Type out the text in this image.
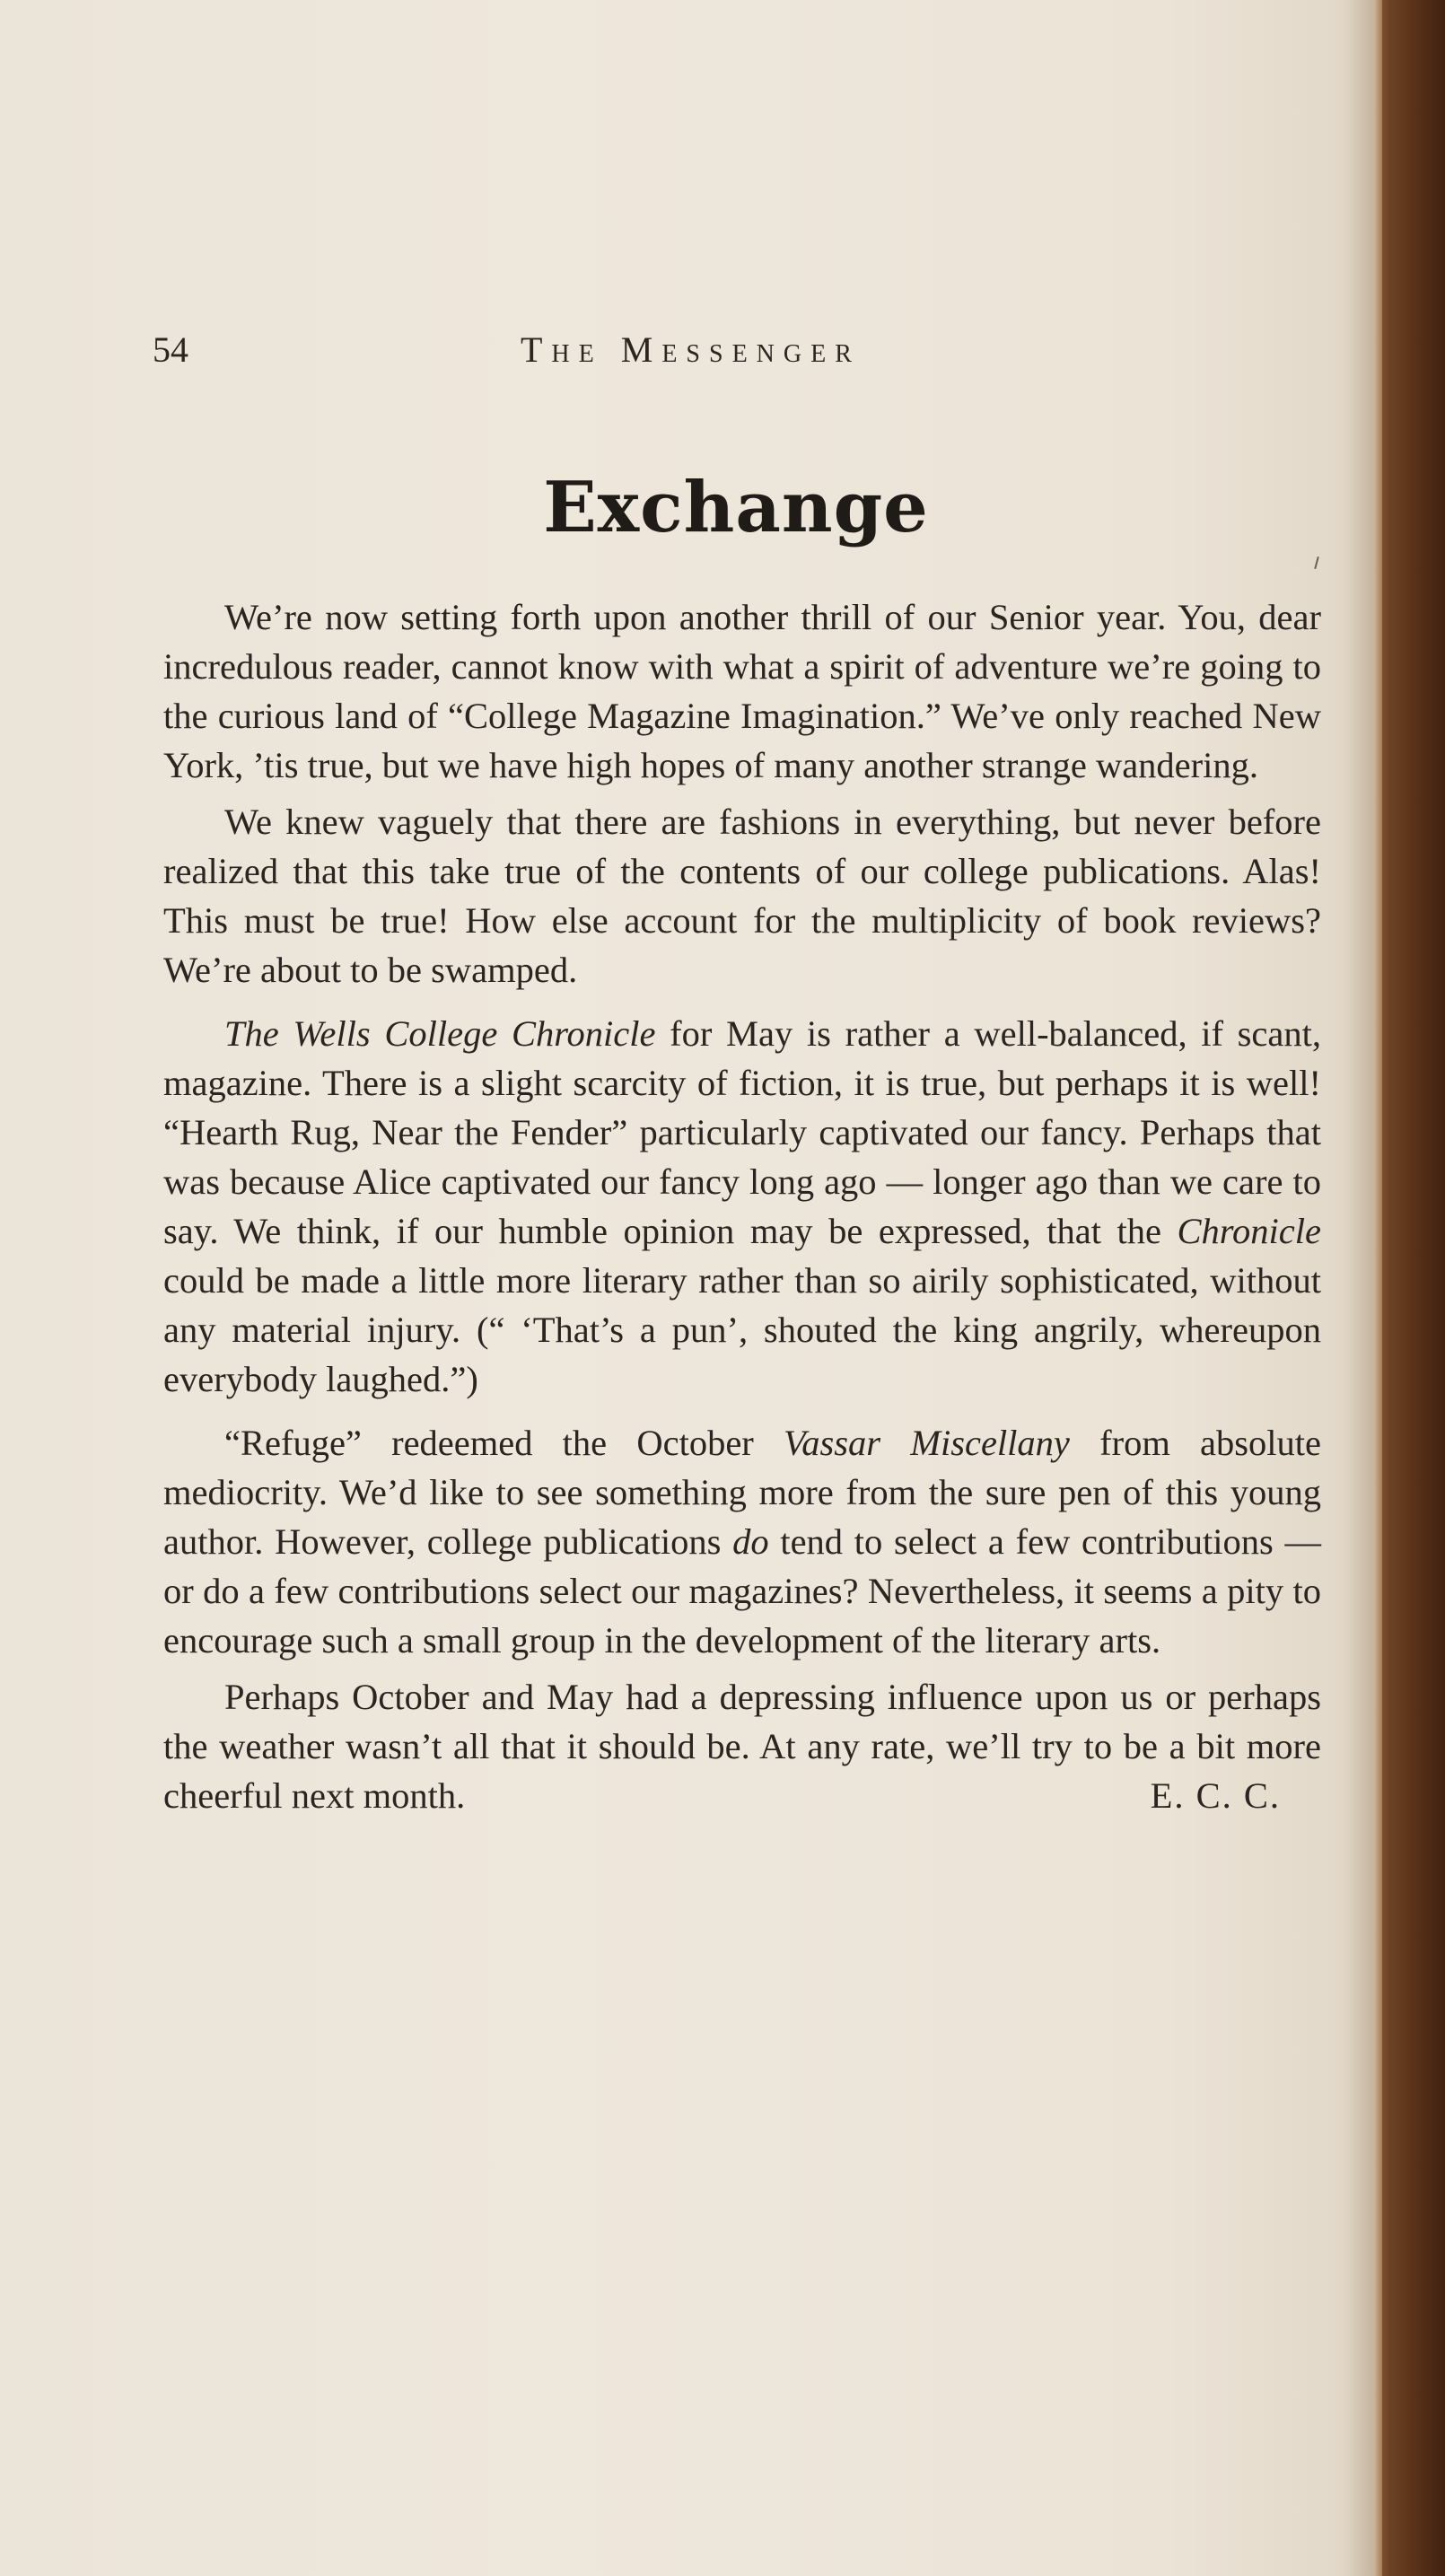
54	The Messenger
Exchange

We’re now setting forth upon another thrill of our Senior year. You, dear incredulous reader, cannot know with what a spirit of adventure we’re going to the curious land of “College Magazine Imagination.” We’ve only reached New York, ’tis true, but we have high hopes of many another strange wandering.

We knew vaguely that there are fashions in everything, but never before realized that this take true of the contents of our college publications. Alas! This must be true! How else account for the multiplicity of book reviews? We’re about to be swamped.

The Wells College Chronicle for May is rather a well-balanced, if scant, magazine. There is a slight scarcity of fiction, it is true, but perhaps it is well! “Hearth Rug, Near the Fender” particularly captivated our fancy. Perhaps that was because Alice captivated our fancy long ago — longer ago than we care to say. We think, if our humble opinion may be expressed, that the Chronicle could be made a little more literary rather than so airily sophisticated, without any material injury. (“ ‘That’s a pun’, shouted the king angrily, whereupon everybody laughed.”)

“Refuge” redeemed the October Vassar Miscellany from absolute mediocrity. We’d like to see something more from the sure pen of this young author. However, college publications do tend to select a few contributions — or do a few contributions select our magazines? Nevertheless, it seems a pity to encourage such a small group in the development of the literary arts.

Perhaps October and May had a depressing influence upon us or perhaps the weather wasn’t all that it should be. At any rate, we’ll try to be a bit more cheerful next month.	E. C. C.
